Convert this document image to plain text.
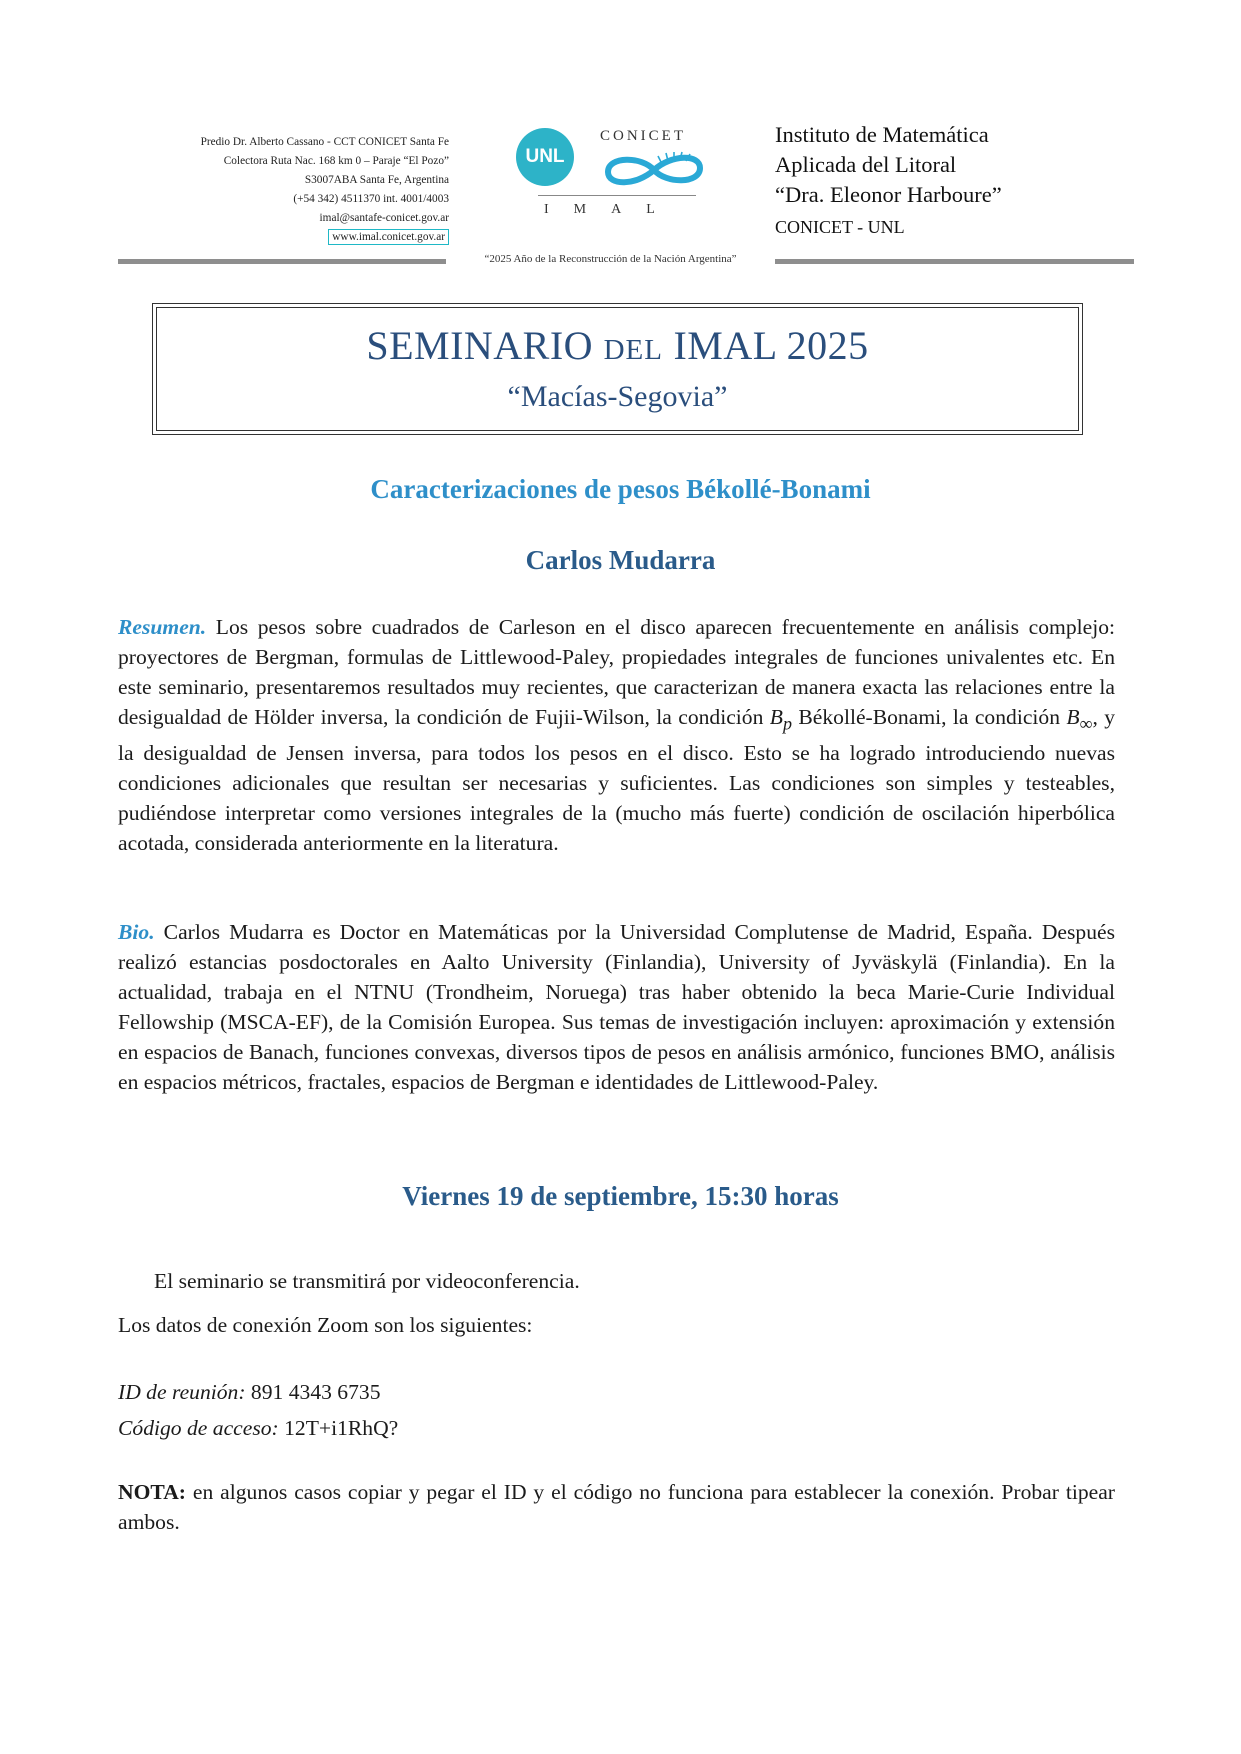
Predio Dr. Alberto Cassano - CCT CONICET Santa Fe
Colectora Ruta Nac. 168 km 0 – Paraje “El Pozo”
S3007ABA Santa Fe, Argentina
(+54 342) 4511370 int. 4001/4003
imal@santafe-conicet.gov.ar
www.imal.conicet.gov.ar
UNL
CONICET
IMAL
Instituto de Matemática
Aplicada del Litoral
“Dra. Eleonor Harboure”
CONICET - UNL
“2025 Año de la Reconstrucción de la Nación Argentina”
SEMINARIO DEL IMAL 2025
“Macías-Segovia”
Caracterizaciones de pesos Békollé-Bonami
Carlos Mudarra
Resumen. Los pesos sobre cuadrados de Carleson en el disco aparecen frecuentemente en análisis complejo: proyectores de Bergman, formulas de Littlewood-Paley, propiedades integrales de funciones univalentes etc. En este seminario, presentaremos resultados muy recientes, que caracterizan de manera exacta las relaciones entre la desigualdad de Hölder inversa, la condición de Fujii-Wilson, la condición $B_p$ Békollé-Bonami, la condición $B_\infty$, y la desigualdad de Jensen inversa, para todos los pesos en el disco. Esto se ha logrado introduciendo nuevas condiciones adicionales que resultan ser necesarias y suficientes. Las condiciones son simples y testeables, pudiéndose interpretar como versiones integrales de la (mucho más fuerte) condición de oscilación hiperbólica acotada, considerada anteriormente en la literatura.
Bio. Carlos Mudarra es Doctor en Matemáticas por la Universidad Complutense de Madrid, España. Después realizó estancias posdoctorales en Aalto University (Finlandia), University of Jyväskylä (Finlandia). En la actualidad, trabaja en el NTNU (Trondheim, Noruega) tras haber obtenido la beca Marie-Curie Individual Fellowship (MSCA-EF), de la Comisión Europea. Sus temas de investigación incluyen: aproximación y extensión en espacios de Banach, funciones convexas, diversos tipos de pesos en análisis armónico, funciones BMO, análisis en espacios métricos, fractales, espacios de Bergman e identidades de Littlewood-Paley.
Viernes 19 de septiembre, 15:30 horas
El seminario se transmitirá por videoconferencia.
Los datos de conexión Zoom son los siguientes:
ID de reunión: 891 4343 6735
Código de acceso: 12T+i1RhQ?
NOTA: en algunos casos copiar y pegar el ID y el código no funciona para establecer la conexión. Probar tipear ambos.
